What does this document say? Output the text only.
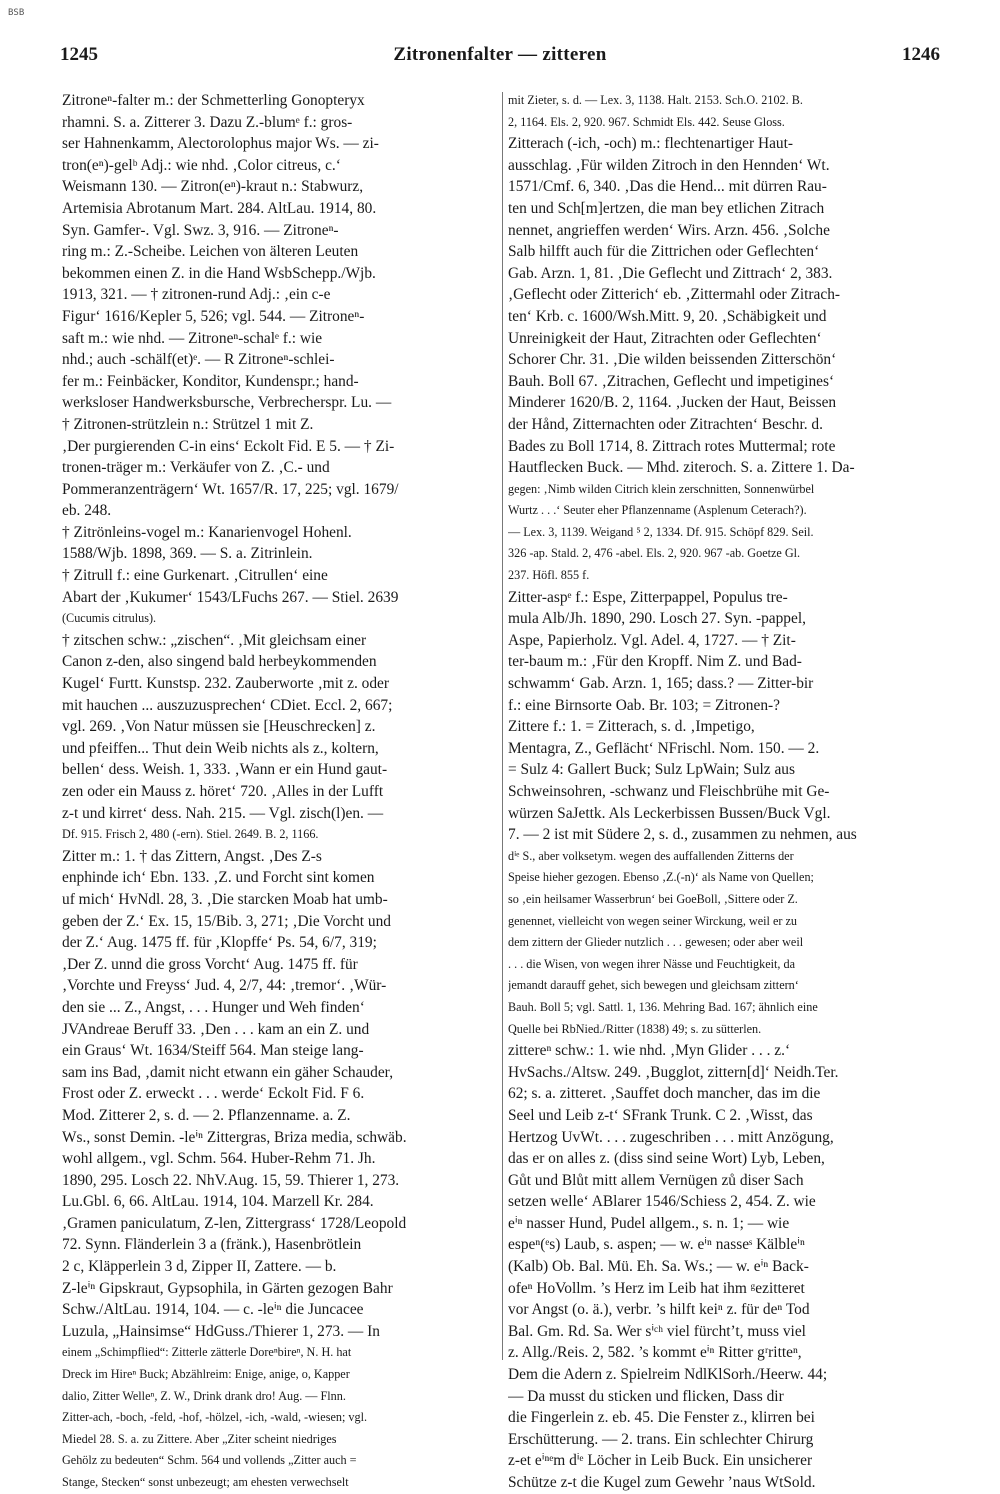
BSB
1245	Zitronenfalter — zitteren	1246
Zitroneⁿ-falter m.: der Schmetterling Gonopteryx
rhamni. S. a. Zitterer 3. Dazu Z.-blumᵉ f.: gros-
ser Hahnenkamm, Alectorolophus major Ws. — zi-
tron(eⁿ)-gelᵇ Adj.: wie nhd. ‚Color citreus, c.‘
Weismann 130. — Zitron(eⁿ)-kraut n.: Stabwurz,
Artemisia Abrotanum Mart. 284. AltLau. 1914, 80.
Syn. Gamfer-. Vgl. Swz. 3, 916. — Zitroneⁿ-
ring m.: Z.-Scheibe. Leichen von älteren Leuten
bekommen einen Z. in die Hand WsbSchepp./Wjb.
1913, 321. — † zitronen-rund Adj.: ‚ein c-e
Figur‘ 1616/Kepler 5, 526; vgl. 544. — Zitroneⁿ-
saft m.: wie nhd. — Zitroneⁿ-schalᵉ f.: wie
nhd.; auch -schälf(et)ᵉ. — R Zitroneⁿ-schlei-
fer m.: Feinbäcker, Konditor, Kundenspr.; hand-
werksloser Handwerksbursche, Verbrecherspr. Lu. —
† Zitronen-strützlein n.: Strützel 1 mit Z.
‚Der purgierenden C-in eins‘ Eckolt Fid. E 5. — † Zi-
tronen-träger m.: Verkäufer von Z. ‚C.- und
Pommeranzenträgern‘ Wt. 1657/R. 17, 225; vgl. 1679/
eb. 248.
† Zitrönleins-vogel m.: Kanarienvogel Hohenl.
1588/Wjb. 1898, 369. — S. a. Zitrinlein.
† Zitrull f.: eine Gurkenart. ‚Citrullen‘ eine
Abart der ‚Kukumer‘ 1543/LFuchs 267. — Stiel. 2639
(Cucumis citrulus).
† zitschen schw.: „zischen“. ‚Mit gleichsam einer
Canon z-den, also singend bald herbeykommenden
Kugel‘ Furtt. Kunstsp. 232. Zauberworte ‚mit z. oder
mit hauchen ... auszuzusprechen‘ CDiet. Eccl. 2, 667;
vgl. 269. ‚Von Natur müssen sie [Heuschrecken] z.
und pfeiffen... Thut dein Weib nichts als z., koltern,
bellen‘ dess. Weish. 1, 333. ‚Wann er ein Hund gaut-
zen oder ein Mauss z. höret‘ 720. ‚Alles in der Lufft
z-t und kirret‘ dess. Nah. 215. — Vgl. zisch(l)en. —
Df. 915. Frisch 2, 480 (-ern). Stiel. 2649. B. 2, 1166.
Zitter m.: 1. † das Zittern, Angst. ‚Des Z-s
enphinde ich‘ Ebn. 133. ‚Z. und Forcht sint komen
uf mich‘ HvNdl. 28, 3. ‚Die starcken Moab hat umb-
geben der Z.‘ Ex. 15, 15/Bib. 3, 271; ‚Die Vorcht und
der Z.‘ Aug. 1475 ff. für ‚Klopffe‘ Ps. 54, 6/7, 319;
‚Der Z. unnd die gross Vorcht‘ Aug. 1475 ff. für
‚Vorchte und Freyss‘ Jud. 4, 2/7, 44: ‚tremor‘. ‚Wür-
den sie ... Z., Angst, . . . Hunger und Weh finden‘
JVAndreae Beruff 33. ‚Den . . . kam an ein Z. und
ein Graus‘ Wt. 1634/Steiff 564. Man steige lang-
sam ins Bad, ‚damit nicht etwann ein gäher Schauder,
Frost oder Z. erweckt . . . werde‘ Eckolt Fid. F 6.
Mod. Zitterer 2, s. d. — 2. Pflanzenname. a. Z.
Ws., sonst Demin. -leⁱⁿ Zittergras, Briza media, schwäb.
wohl allgem., vgl. Schm. 564. Huber-Rehm 71. Jh.
1890, 295. Losch 22. NhV.Aug. 15, 59. Thierer 1, 273.
Lu.Gbl. 6, 66. AltLau. 1914, 104. Marzell Kr. 284.
‚Gramen paniculatum, Z-len, Zittergrass‘ 1728/Leopold
72. Synn. Fländerlein 3 a (fränk.), Hasenbrötlein
2 c, Kläpperlein 3 d, Zipper II, Zattere. — b.
Z-leⁱⁿ Gipskraut, Gypsophila, in Gärten gezogen Bahr
Schw./AltLau. 1914, 104. — c. -leⁱⁿ die Juncacee
Luzula, „Hainsimse“ HdGuss./Thierer 1, 273. — In
einem „Schimpflied“: Zitterle zätterle Doreⁿbireⁿ, N. H. hat
Dreck im Hireⁿ Buck; Abzählreim: Enige, anige, o, Kapper
dalio, Zitter Welleⁿ, Z. W., Drink drank dro! Aug. — Flnn.
Zitter-ach, -boch, -feld, -hof, -hölzel, -ich, -wald, -wiesen; vgl.
Miedel 28. S. a. zu Zittere. Aber „Ziter scheint niedriges
Gehölz zu bedeuten“ Schm. 564 und vollends „Zitter auch =
Stange, Stecken“ sonst unbezeugt; am ehesten verwechselt
mit Zieter, s. d. — Lex. 3, 1138. Halt. 2153. Sch.O. 2102. B.
2, 1164. Els. 2, 920. 967. Schmidt Els. 442. Seuse Gloss.
Zitterach (-ich, -och) m.: flechtenartiger Haut-
ausschlag. ‚Für wilden Zitroch in den Hennden‘ Wt.
1571/Cmf. 6, 340. ‚Das die Hend... mit dürren Rau-
ten und Sch[m]ertzen, die man bey etlichen Zitrach
nennet, angrieffen werden‘ Wirs. Arzn. 456. ‚Solche
Salb hilfft auch für die Zittrichen oder Geflechten‘
Gab. Arzn. 1, 81. ‚Die Geflecht und Zittrach‘ 2, 383.
‚Geflecht oder Zitterich‘ eb. ‚Zittermahl oder Zitrach-
ten‘ Krb. c. 1600/Wsh.Mitt. 9, 20. ‚Schäbigkeit und
Unreinigkeit der Haut, Zitrachten oder Geflechten‘
Schorer Chr. 31. ‚Die wilden beissenden Zitterschön‘
Bauh. Boll 67. ‚Zitrachen, Geflecht und impetigines‘
Minderer 1620/B. 2, 1164. ‚Jucken der Haut, Beissen
der Hånd, Zitternachten oder Zitrachten‘ Beschr. d.
Bades zu Boll 1714, 8. Zittrach rotes Muttermal; rote
Hautflecken Buck. — Mhd. ziteroch. S. a. Zittere 1. Da-
gegen: ‚Nimb wilden Citrich klein zerschnitten, Sonnenwürbel
Wurtz . . .‘ Seuter eher Pflanzenname (Asplenum Ceterach?).
— Lex. 3, 1139. Weigand ⁵ 2, 1334. Df. 915. Schöpf 829. Seil.
326 -ap. Stald. 2, 476 -abel. Els. 2, 920. 967 -ab. Goetze Gl.
237. Höfl. 855 f.
Zitter-aspᵉ f.: Espe, Zitterpappel, Populus tre-
mula Alb/Jh. 1890, 290. Losch 27. Syn. -pappel,
Aspe, Papierholz. Vgl. Adel. 4, 1727. — † Zit-
ter-baum m.: ‚Für den Kropff. Nim Z. und Bad-
schwamm‘ Gab. Arzn. 1, 165; dass.? — Zitter-bir
f.: eine Birnsorte Oab. Br. 103; = Zitronen-?
Zittere f.: 1. = Zitterach, s. d. ‚Impetigo,
Mentagra, Z., Geflächt‘ NFrischl. Nom. 150. — 2.
= Sulz 4: Gallert Buck; Sulz LpWain; Sulz aus
Schweinsohren, -schwanz und Fleischbrühe mit Ge-
würzen SaJettk. Als Leckerbissen Bussen/Buck Vgl.
7. — 2 ist mit Südere 2, s. d., zusammen zu nehmen, aus
dⁱᵉ S., aber volksetym. wegen des auffallenden Zitterns der
Speise hieher gezogen. Ebenso ‚Z.(-n)‘ als Name von Quellen;
so ‚ein heilsamer Wasserbrun‘ bei GoeBoll, ‚Sittere oder Z.
genennet, vielleicht von wegen seiner Wirckung, weil er zu
dem zittern der Glieder nutzlich . . . gewesen; oder aber weil
. . . die Wisen, von wegen ihrer Nässe und Feuchtigkeit, da
jemandt darauff gehet, sich bewegen und gleichsam zittern‘
Bauh. Boll 5; vgl. Sattl. 1, 136. Mehring Bad. 167; ähnlich eine
Quelle bei RbNied./Ritter (1838) 49; s. zu sütterlen.
zittereⁿ schw.: 1. wie nhd. ‚Myn Glider . . . z.‘
HvSachs./Altsw. 249. ‚Bugglot, zittern[d]‘ Neidh.Ter.
62; s. a. zitteret. ‚Sauffet doch mancher, das im die
Seel und Leib z-t‘ SFrank Trunk. C 2. ‚Wisst, das
Hertzog UvWt. . . . zugeschriben . . . mitt Anzögung,
das er on alles z. (diss sind seine Wort) Lyb, Leben,
Gůt und Blůt mitt allem Vernügen zů diser Sach
setzen welle‘ ABlarer 1546/Schiess 2, 454. Z. wie
eⁱⁿ nasser Hund, Pudel allgem., s. n. 1; — wie
espeⁿ(ᵉs) Laub, s. aspen; — w. eⁱⁿ nasseˢ Kälbleⁱⁿ
(Kalb) Ob. Bal. Mü. Eh. Sa. Ws.; — w. eⁱⁿ Back-
ofeⁿ HoVollm. ’s Herz im Leib hat ihm ᵍezitteret
vor Angst (o. ä.), verbr. ’s hilft keiⁿ z. für deⁿ Tod
Bal. Gm. Rd. Sa. Wer sⁱᶜʰ viel fürcht’t, muss viel
z. Allg./Reis. 2, 582. ’s kommt eⁱⁿ Ritter gʳritteⁿ,
Dem die Adern z. Spielreim NdlKlSorh./Heerw. 44;
— Da musst du sticken und flicken, Dass dir
die Fingerlein z. eb. 45. Die Fenster z., klirren bei
Erschütterung. — 2. trans. Ein schlechter Chirurg
z-et eⁱⁿᵉm dⁱᵉ Löcher in Leib Buck. Ein unsicherer
Schütze z-t die Kugel zum Gewehr ’naus WtSold.
